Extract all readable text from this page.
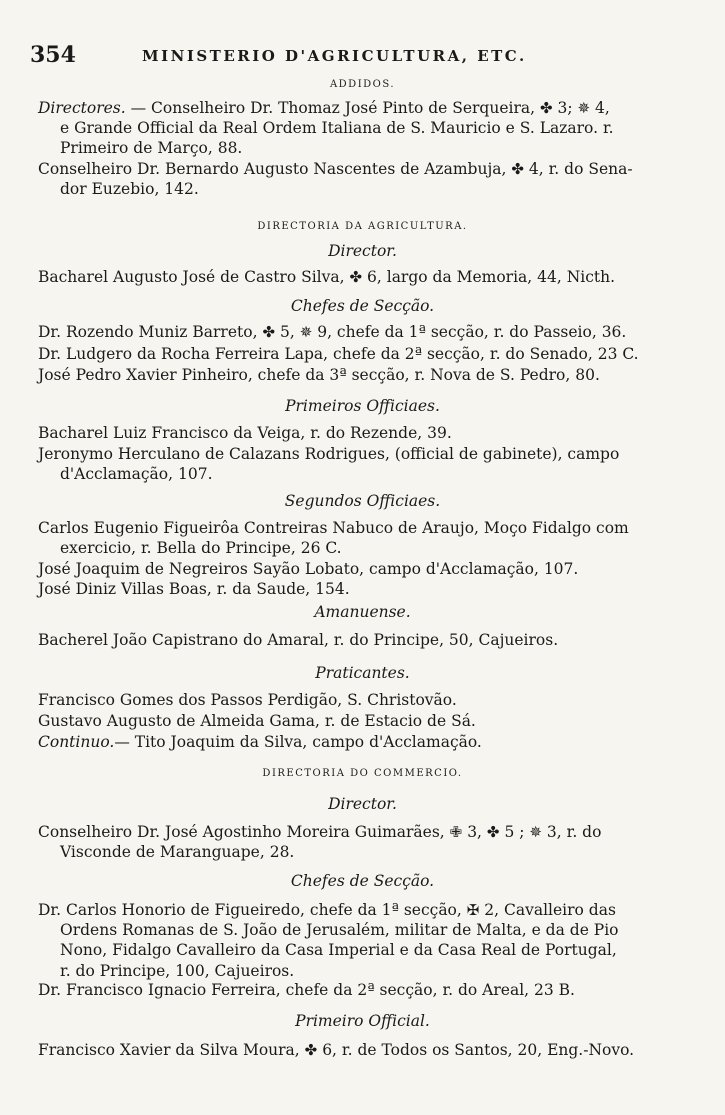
354	MINISTERIO D'AGRICULTURA, ETC.
ADDIDOS.
Directores. — Conselheiro Dr. Thomaz José Pinto de Serqueira, ✤ 3; ✵ 4,
e Grande Official da Real Ordem Italiana de S. Mauricio e S. Lazaro. r.
Primeiro de Março, 88.
Conselheiro Dr. Bernardo Augusto Nascentes de Azambuja, ✤ 4, r. do Sena-
dor Euzebio, 142.
DIRECTORIA DA AGRICULTURA.
Director.
Bacharel Augusto José de Castro Silva, ✤ 6, largo da Memoria, 44, Nicth.
Chefes de Secção.
Dr. Rozendo Muniz Barreto, ✤ 5, ✵ 9, chefe da 1ª secção, r. do Passeio, 36.
Dr. Ludgero da Rocha Ferreira Lapa, chefe da 2ª secção, r. do Senado, 23 C.
José Pedro Xavier Pinheiro, chefe da 3ª secção, r. Nova de S. Pedro, 80.
Primeiros Officiaes.
Bacharel Luiz Francisco da Veiga, r. do Rezende, 39.
Jeronymo Herculano de Calazans Rodrigues, (official de gabinete), campo
d'Acclamação, 107.
Segundos Officiaes.
Carlos Eugenio Figueirôa Contreiras Nabuco de Araujo, Moço Fidalgo com
exercicio, r. Bella do Principe, 26 C.
José Joaquim de Negreiros Sayão Lobato, campo d'Acclamação, 107.
José Diniz Villas Boas, r. da Saude, 154.
Amanuense.
Bacherel João Capistrano do Amaral, r. do Principe, 50, Cajueiros.
Praticantes.
Francisco Gomes dos Passos Perdigão, S. Christovão.
Gustavo Augusto de Almeida Gama, r. de Estacio de Sá.
Continuo.— Tito Joaquim da Silva, campo d'Acclamação.
DIRECTORIA DO COMMERCIO.
Director.
Conselheiro Dr. José Agostinho Moreira Guimarães, ✙ 3, ✤ 5 ; ✵ 3, r. do
Visconde de Maranguape, 28.
Chefes de Secção.
Dr. Carlos Honorio de Figueiredo, chefe da 1ª secção, ✠ 2, Cavalleiro das
Ordens Romanas de S. João de Jerusalém, militar de Malta, e da de Pio
Nono, Fidalgo Cavalleiro da Casa Imperial e da Casa Real de Portugal,
r. do Principe, 100, Cajueiros.
Dr. Francisco Ignacio Ferreira, chefe da 2ª secção, r. do Areal, 23 B.
Primeiro Official.
Francisco Xavier da Silva Moura, ✤ 6, r. de Todos os Santos, 20, Eng.-Novo.
